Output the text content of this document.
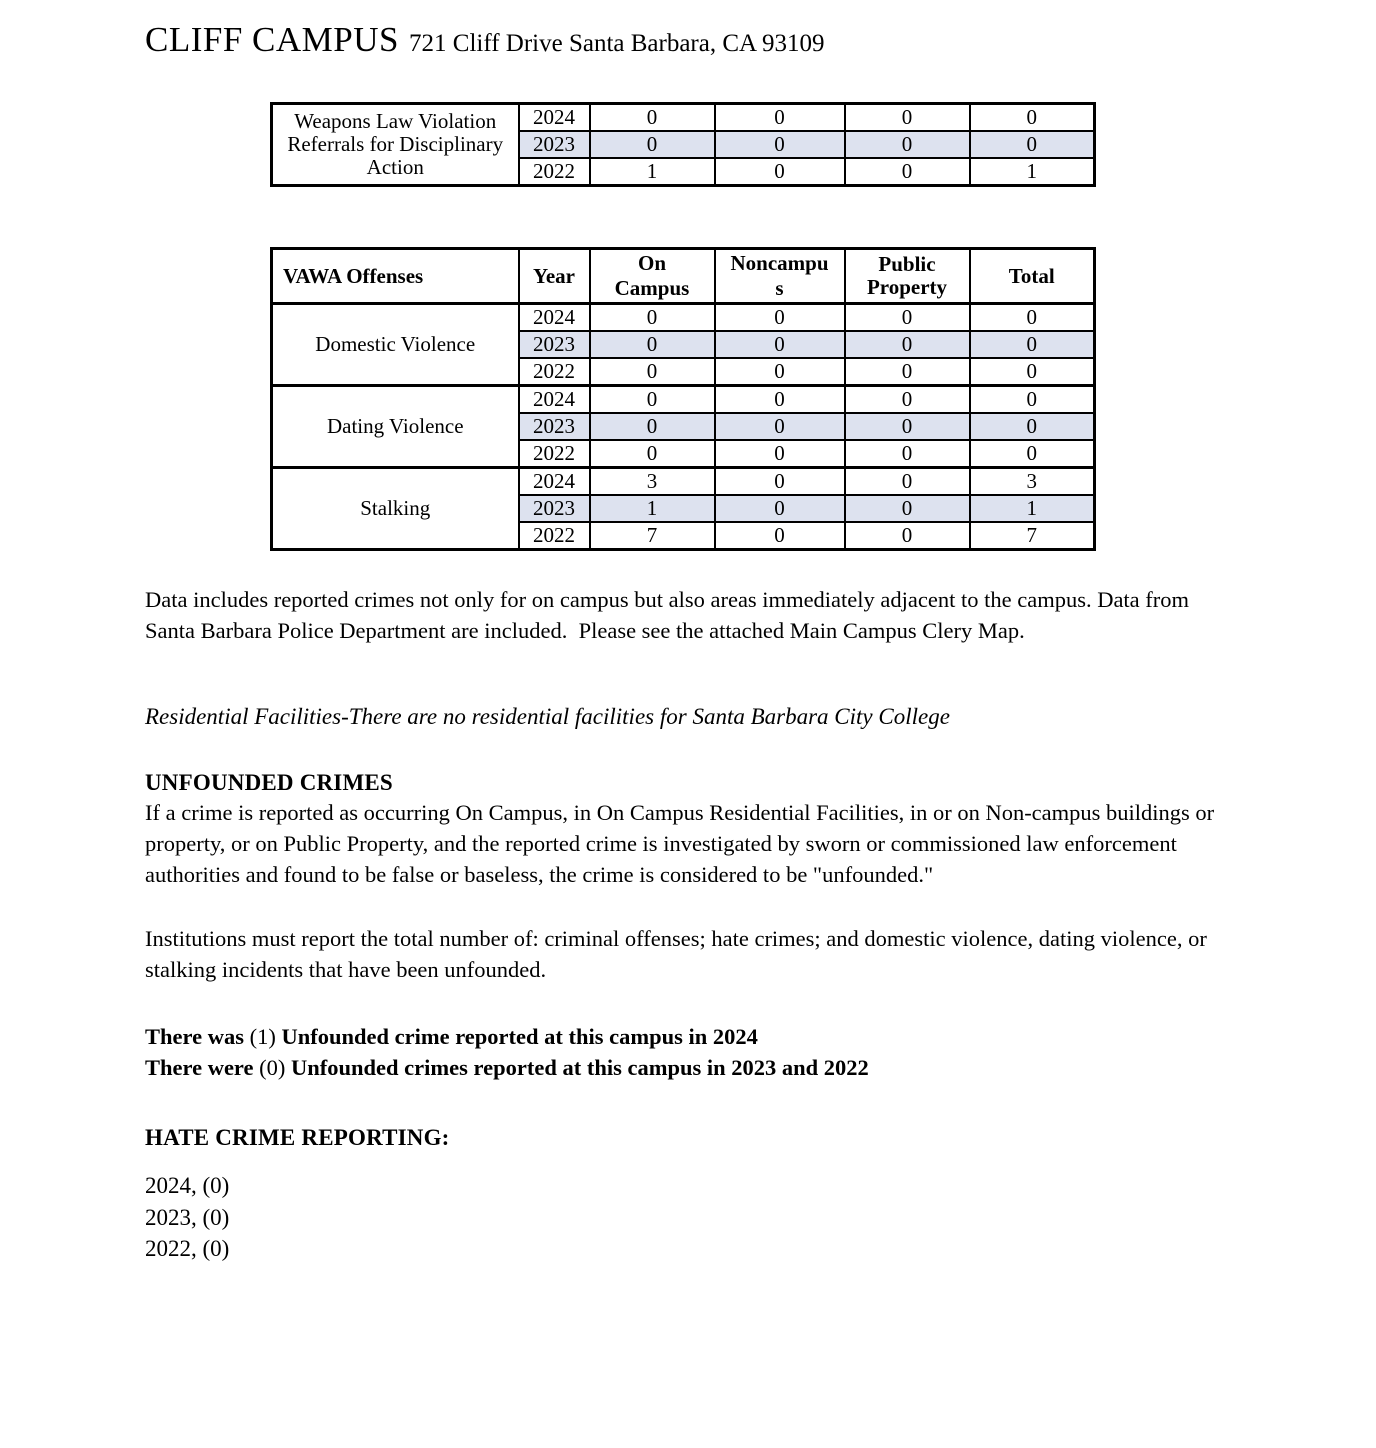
CLIFF CAMPUS 721 Cliff Drive Santa Barbara, CA 93109
Weapons Law Violation Referrals for Disciplinary Action	2024	0	0	0	0
	2023	0	0	0	0
	2022	1	0	0	1
VAWA Offenses	Year	On Campus	Noncampus	Public Property	Total
Domestic Violence	2024	0	0	0	0
	2023	0	0	0	0
	2022	0	0	0	0
Dating Violence	2024	0	0	0	0
	2023	0	0	0	0
	2022	0	0	0	0
Stalking	2024	3	0	0	3
	2023	1	0	0	1
	2022	7	0	0	7

Data includes reported crimes not only for on campus but also areas immediately adjacent to the campus. Data from Santa Barbara Police Department are included.  Please see the attached Main Campus Clery Map.

Residential Facilities-There are no residential facilities for Santa Barbara City College

UNFOUNDED CRIMES

If a crime is reported as occurring On Campus, in On Campus Residential Facilities, in or on Non-campus buildings or property, or on Public Property, and the reported crime is investigated by sworn or commissioned law enforcement authorities and found to be false or baseless, the crime is considered to be "unfounded."

Institutions must report the total number of: criminal offenses; hate crimes; and domestic violence, dating violence, or stalking incidents that have been unfounded.

There was (1) Unfounded crime reported at this campus in 2024

There were (0) Unfounded crimes reported at this campus in 2023 and 2022

HATE CRIME REPORTING:

2024, (0)

2023, (0)

2022, (0)
